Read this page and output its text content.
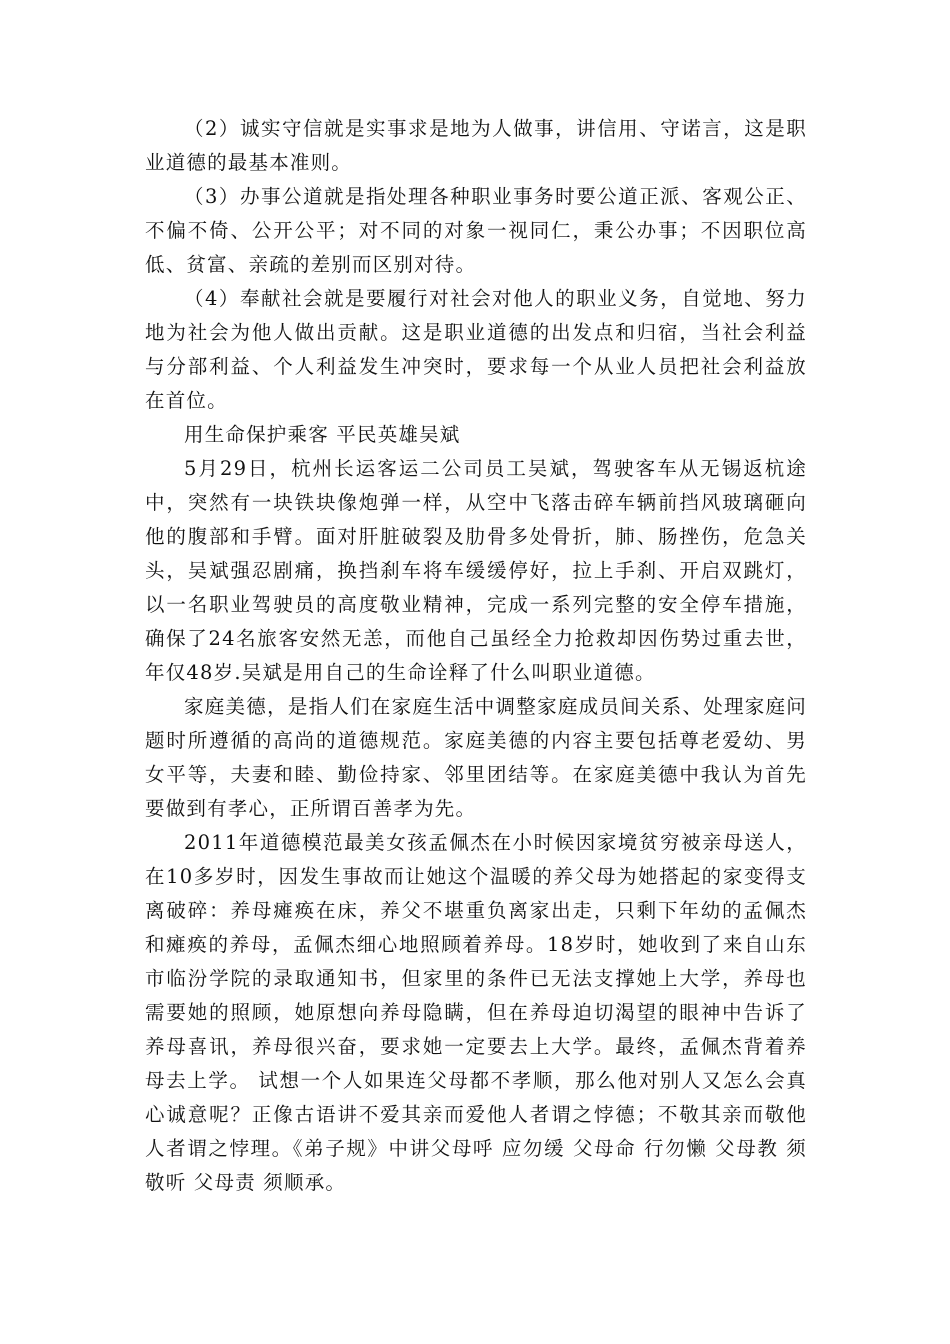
（2）诚实守信就是实事求是地为人做事，讲信用、守诺言，这是职业道德的最基本准则。

（3）办事公道就是指处理各种职业事务时要公道正派、客观公正、不偏不倚、公开公平；对不同的对象一视同仁，秉公办事；不因职位高低、贫富、亲疏的差别而区别对待。

（4）奉献社会就是要履行对社会对他人的职业义务，自觉地、努力地为社会为他人做出贡献。这是职业道德的出发点和归宿，当社会利益与分部利益、个人利益发生冲突时，要求每一个从业人员把社会利益放在首位。

用生命保护乘客 平民英雄吴斌

5月29日，杭州长运客运二公司员工吴斌，驾驶客车从无锡返杭途中，突然有一块铁块像炮弹一样，从空中飞落击碎车辆前挡风玻璃砸向他的腹部和手臂。面对肝脏破裂及肋骨多处骨折，肺、肠挫伤，危急关头，吴斌强忍剧痛，换挡刹车将车缓缓停好，拉上手刹、开启双跳灯，以一名职业驾驶员的高度敬业精神，完成一系列完整的安全停车措施，确保了24名旅客安然无恙，而他自己虽经全力抢救却因伤势过重去世，年仅48岁.吴斌是用自己的生命诠释了什么叫职业道德。

家庭美德，是指人们在家庭生活中调整家庭成员间关系、处理家庭问题时所遵循的高尚的道德规范。家庭美德的内容主要包括尊老爱幼、男女平等，夫妻和睦、勤俭持家、邻里团结等。在家庭美德中我认为首先要做到有孝心，正所谓百善孝为先。

2011年道德模范最美女孩孟佩杰在小时候因家境贫穷被亲母送人，在10多岁时，因发生事故而让她这个温暖的养父母为她搭起的家变得支离破碎：养母瘫痪在床，养父不堪重负离家出走，只剩下年幼的孟佩杰和瘫痪的养母，孟佩杰细心地照顾着养母。18岁时，她收到了来自山东市临汾学院的录取通知书，但家里的条件已无法支撑她上大学，养母也需要她的照顾，她原想向养母隐瞒，但在养母迫切渴望的眼神中告诉了养母喜讯，养母很兴奋，要求她一定要去上大学。最终，孟佩杰背着养母去上学。 试想一个人如果连父母都不孝顺，那么他对别人又怎么会真心诚意呢？正像古语讲不爱其亲而爱他人者谓之悖德；不敬其亲而敬他人者谓之悖理。《弟子规》中讲父母呼 应勿缓 父母命 行勿懒 父母教 须敬听 父母责 须顺承。
